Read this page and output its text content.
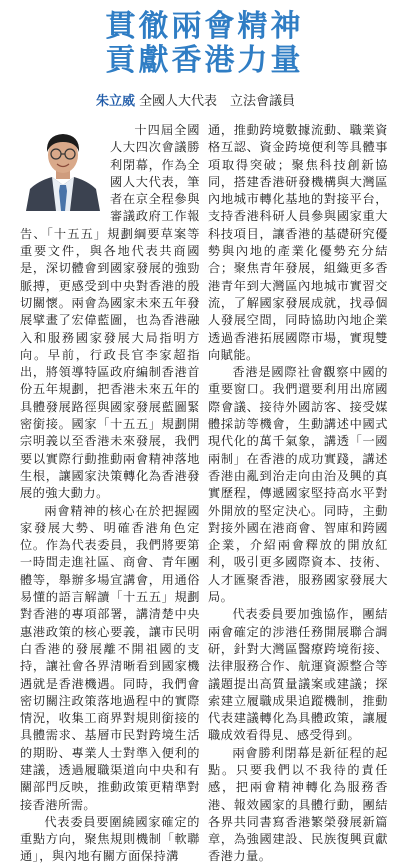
貫徹兩會精神
貢獻香港力量
朱立威 全國人大代表　立法會議員

十四屆全國人大四次會議勝利閉幕，作為全國人大代表，筆者在京全程參與審議政府工作報告、「十五五」規劃綱要草案等重要文件，與各地代表共商國是，深切體會到國家發展的強勁脈搏，更感受到中央對香港的殷切關懷。兩會為國家未來五年發展擘畫了宏偉藍圖，也為香港融入和服務國家發展大局指明方向。早前，行政長官李家超指出，將領導特區政府編制香港首份五年規劃，把香港未來五年的具體發展路徑與國家發展藍圖緊密銜接。國家「十五五」規劃開宗明義以至香港未來發展，我們要以實際行動推動兩會精神落地生根，讓國家決策轉化為香港發展的強大動力。

兩會精神的核心在於把握國家發展大勢、明確香港角色定位。作為代表委員，我們將要第一時間走進社區、商會、青年團體等，舉辦多場宣講會，用通俗易懂的語言解讀「十五五」規劃對香港的專項部署，講清楚中央惠港政策的核心要義，讓市民明白香港的發展離不開祖國的支持，讓社會各界清晰看到國家機遇就是香港機遇。同時，我們會密切關注政策落地過程中的實際情況，收集工商界對規則銜接的具體需求、基層市民對跨境生活的期盼、專業人士對準入便利的建議，透過履職渠道向中央和有關部門反映，推動政策更精準對接香港所需。

代表委員要圍繞國家確定的重點方向，聚焦規則機制「軟聯通」，與內地有關方面保持溝

通，推動跨境數據流動、職業資格互認、資金跨境便利等具體事項取得突破；聚焦科技創新協同，搭建香港研發機構與大灣區內地城市轉化基地的對接平台，支持香港科研人員參與國家重大科技項目，讓香港的基礎研究優勢與內地的產業化優勢充分結合；聚焦青年發展，組織更多香港青年到大灣區內地城市實習交流，了解國家發展成就，找尋個人發展空間，同時協助內地企業透過香港拓展國際市場，實現雙向賦能。

香港是國際社會觀察中國的重要窗口。我們還要利用出席國際會議、接待外國訪客、接受媒體採訪等機會，生動講述中國式現代化的萬千氣象，講透「一國兩制」在香港的成功實踐，講述香港由亂到治走向由治及興的真實歷程，傳遞國家堅持高水平對外開放的堅定決心。同時，主動對接外國在港商會、智庫和跨國企業，介紹兩會釋放的開放紅利，吸引更多國際資本、技術、人才匯聚香港，服務國家發展大局。

代表委員要加強協作，團結兩會確定的涉港任務開展聯合調研，針對大灣區醫療跨境衔接、法律服務合作、航運資源整合等議題提出高質量議案或建議；探索建立履職成果追蹤機制，推動代表建議轉化為具體政策，讓履職成效看得見、感受得到。

兩會勝利閉幕是新征程的起點。只要我們以不我待的責任感，把兩會精神轉化為服務香港、報效國家的具體行動，團結各界共同書寫香港繁榮發展新篇章，為強國建設、民族復興貢獻香港力量。
